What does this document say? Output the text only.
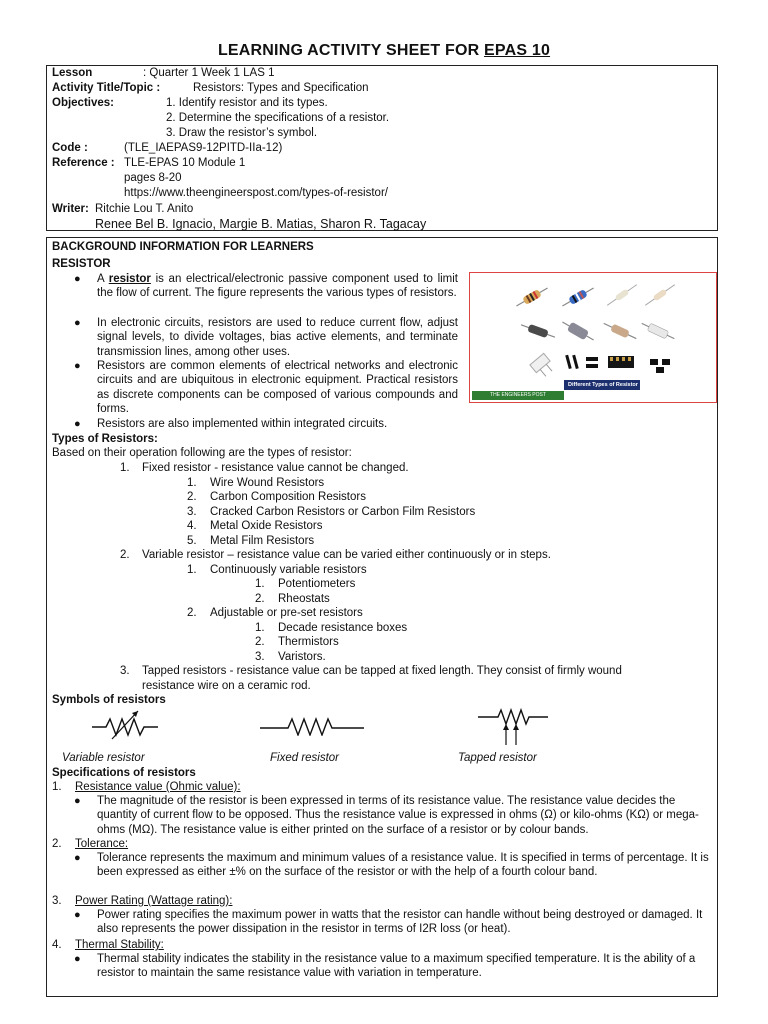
LEARNING ACTIVITY SHEET FOR EPAS 10
Lesson	: Quarter 1 Week 1 LAS 1
Activity Title/Topic :	Resistors: Types and Specification
Objectives:	1. Identify resistor and its types.
2. Determine the specifications of a resistor.
3. Draw the resistor’s symbol.
Code :	(TLE_IAEPAS9-12PITD-IIa-12)
Reference : TLE-EPAS 10 Module 1
pages 8-20
https://www.theengineerspost.com/types-of-resistor/
Writer: Ritchie Lou T. Anito
Renee Bel B. Ignacio, Margie B. Matias, Sharon R. Tagacay
BACKGROUND INFORMATION FOR LEARNERS
RESISTOR
● A resistor is an electrical/electronic passive component used to limit the flow of current. The figure represents the various types of resistors.
● In electronic circuits, resistors are used to reduce current flow, adjust signal levels, to divide voltages, bias active elements, and terminate transmission lines, among other uses.
● Resistors are common elements of electrical networks and electronic circuits and are ubiquitous in electronic equipment. Practical resistors as discrete components can be composed of various compounds and forms.
● Resistors are also implemented within integrated circuits.
Different Types of Resistor
THE ENGINEERS POST
Types of Resistors:
Based on their operation following are the types of resistor:
1. Fixed resistor - resistance value cannot be changed.
1. Wire Wound Resistors
2. Carbon Composition Resistors
3. Cracked Carbon Resistors or Carbon Film Resistors
4. Metal Oxide Resistors
5. Metal Film Resistors
2. Variable resistor – resistance value can be varied either continuously or in steps.
1. Continuously variable resistors
1. Potentiometers
2. Rheostats
2. Adjustable or pre-set resistors
1. Decade resistance boxes
2. Thermistors
3. Varistors.
3. Tapped resistors - resistance value can be tapped at fixed length. They consist of firmly wound
resistance wire on a ceramic rod.
Symbols of resistors
Variable resistor	Fixed resistor	Tapped resistor
Specifications of resistors
1. Resistance value (Ohmic value):
● The magnitude of the resistor is been expressed in terms of its resistance value. The resistance value decides the quantity of current flow to be opposed. Thus the resistance value is expressed in ohms (Ω) or kilo-ohms (KΩ) or mega-ohms (MΩ). The resistance value is either printed on the surface of a resistor or by colour bands.
2. Tolerance:
● Tolerance represents the maximum and minimum values of a resistance value. It is specified in terms of percentage. It is been expressed as either ±% on the surface of the resistor or with the help of a fourth colour band.
3. Power Rating (Wattage rating):
● Power rating specifies the maximum power in watts that the resistor can handle without being destroyed or damaged. It also represents the power dissipation in the resistor in terms of I2R loss (or heat).
4. Thermal Stability:
● Thermal stability indicates the stability in the resistance value to a maximum specified temperature. It is the ability of a resistor to maintain the same resistance value with variation in temperature.
